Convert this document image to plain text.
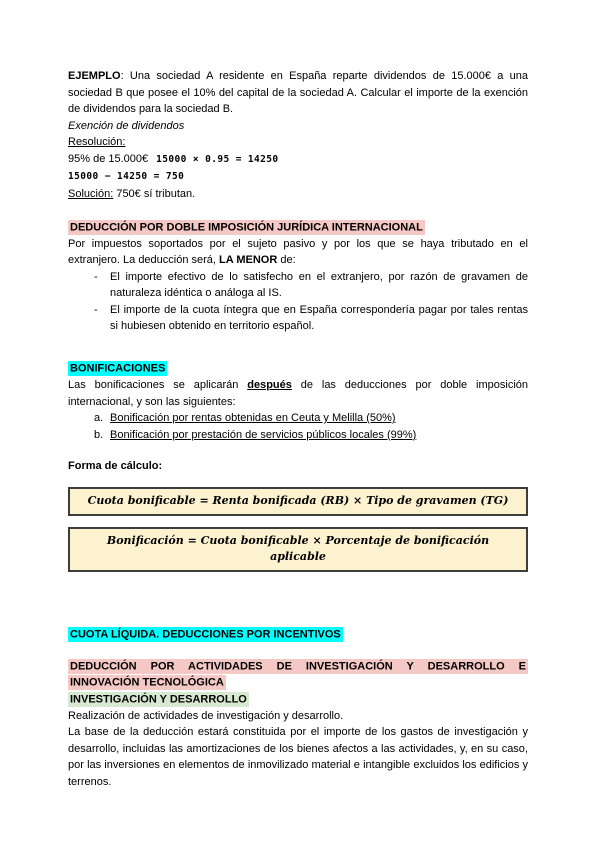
EJEMPLO: Una sociedad A residente en España reparte dividendos de 15.000€ a una sociedad B que posee el 10% del capital de la sociedad A. Calcular el importe de la exención de dividendos para la sociedad B.

Exención de dividendos

Resolución:

95% de 15.000€ 15000 × 0.95 = 14250

15000 − 14250 = 750

Solución: 750€ sí tributan.

DEDUCCIÓN POR DOBLE IMPOSICIÓN JURÍDICA INTERNACIONAL

Por impuestos soportados por el sujeto pasivo y por los que se haya tributado en el extranjero. La deducción será, LA MENOR de:

-	El importe efectivo de lo satisfecho en el extranjero, por razón de gravamen de naturaleza idéntica o análoga al IS.
-	El importe de la cuota íntegra que en España correspondería pagar por tales rentas si hubiesen obtenido en territorio español.

BONIFICACIONES

Las bonificaciones se aplicarán después de las deducciones por doble imposición internacional, y son las siguientes:

a. Bonificación por rentas obtenidas en Ceuta y Melilla (50%)
b. Bonificación por prestación de servicios públicos locales (99%)

Forma de cálculo:

Cuota bonificable = Renta bonificada (RB) × Tipo de gravamen (TG)
Bonificación = Cuota bonificable × Porcentaje de bonificación aplicable

CUOTA LÍQUIDA. DEDUCCIONES POR INCENTIVOS

DEDUCCIÓN POR ACTIVIDADES DE INVESTIGACIÓN Y DESARROLLO E

INNOVACIÓN TECNOLÓGICA

INVESTIGACIÓN Y DESARROLLO

Realización de actividades de investigación y desarrollo.

La base de la deducción estará constituida por el importe de los gastos de investigación y desarrollo, incluidas las amortizaciones de los bienes afectos a las actividades, y, en su caso, por las inversiones en elementos de inmovilizado material e intangible excluidos los edificios y terrenos.
